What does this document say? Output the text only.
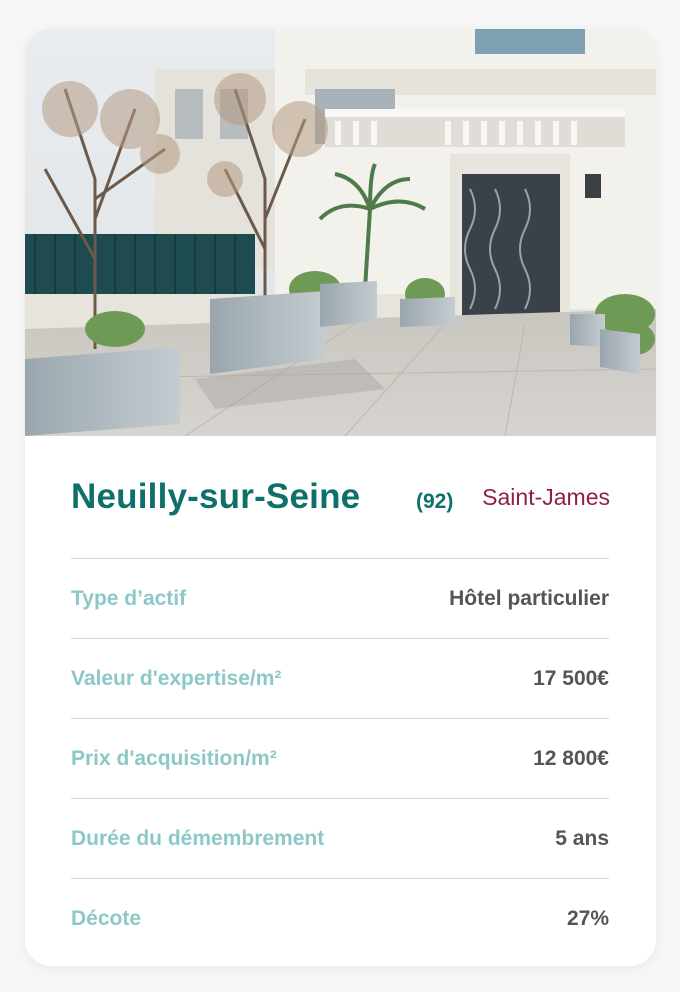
Neuilly-sur-Seine	(92) Saint-James
Type d’actif	Hôtel particulier
Valeur d'expertise/m²	17 500€
Prix d'acquisition/m²	12 800€
Durée du démembrement	5 ans
Décote	27%
